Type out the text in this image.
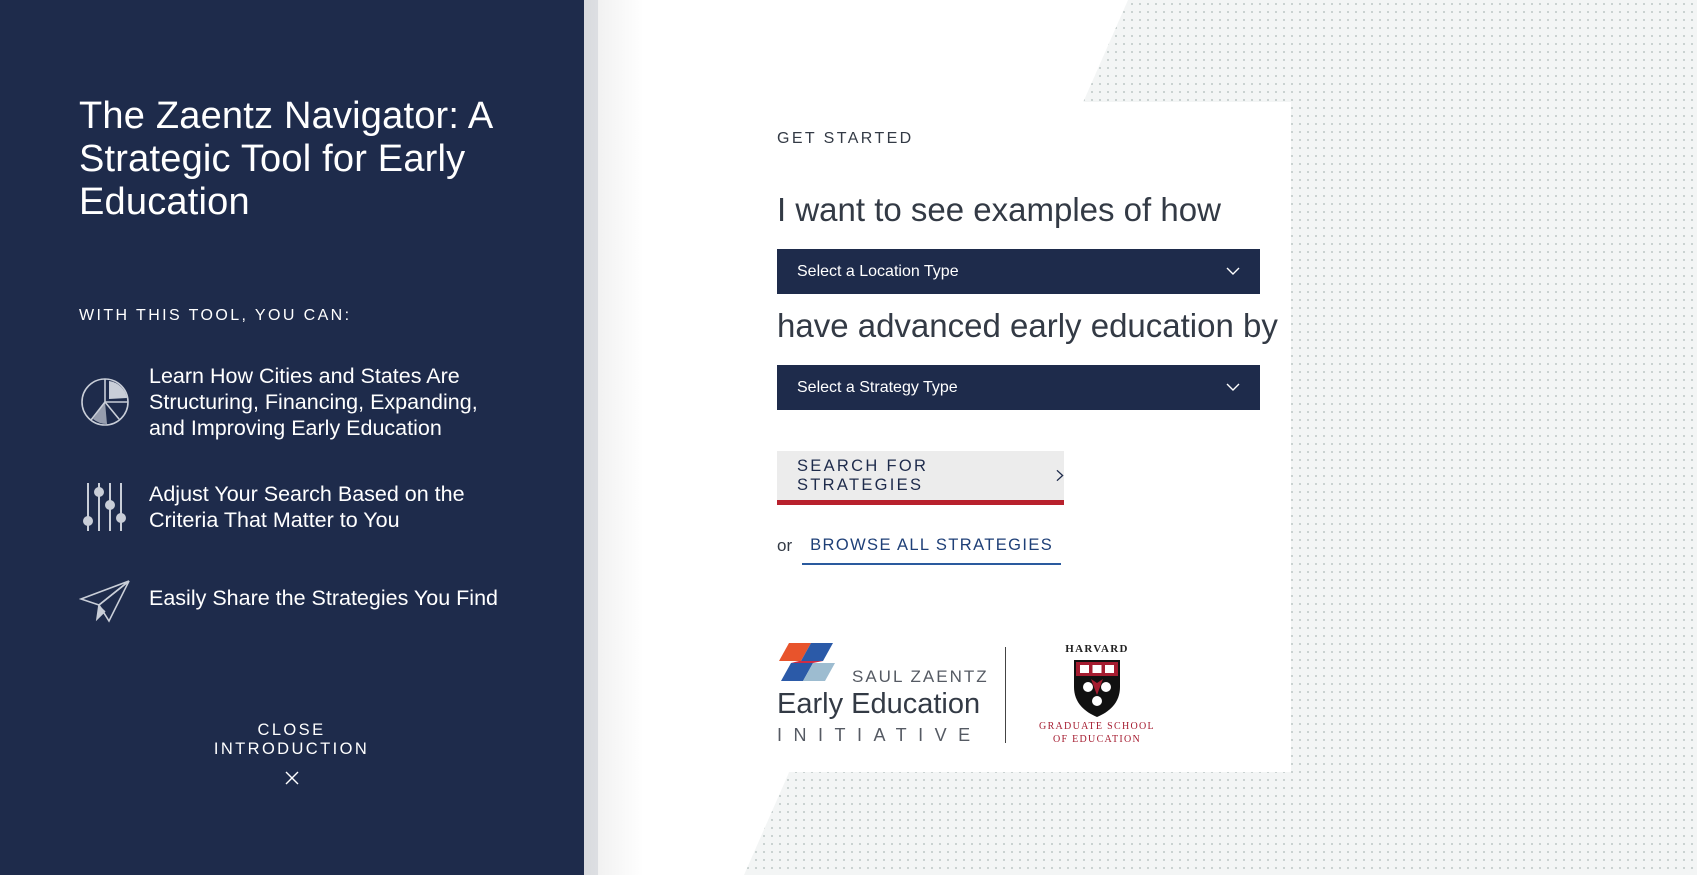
The Zaentz Navigator: A Strategic Tool for Early Education
WITH THIS TOOL, YOU CAN:
Learn How Cities and States Are Structuring, Financing, Expanding, and Improving Early Education
Adjust Your Search Based on the Criteria That Matter to You
Easily Share the Strategies You Find
CLOSE INTRODUCTION
GET STARTED
I want to see examples of how
Select a Location Type
have advanced early education by
Select a Strategy Type
SEARCH FOR STRATEGIES
or	BROWSE ALL STRATEGIES
SAUL ZAENTZ
Early Education
INITIATIVE
HARVARD
GRADUATE SCHOOL
OF EDUCATION
